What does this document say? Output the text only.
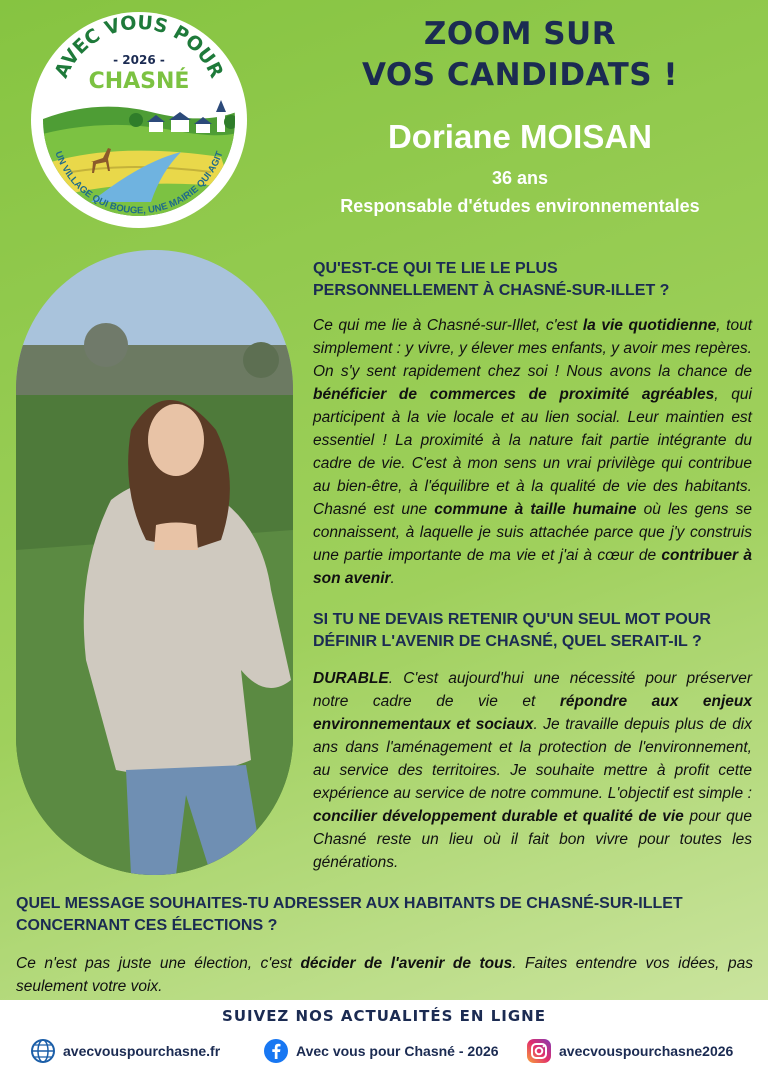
AVEC VOUS POUR
- 2026 -
CHASNÉ
UN VILLAGE QUI BOUGE, UNE MAIRIE QUI AGIT
ZOOM SUR
VOS CANDIDATS !
Doriane MOISAN
36 ans
Responsable d'études environnementales
QU'EST-CE QUI TE LIE LE PLUS
PERSONNELLEMENT À CHASNÉ-SUR-ILLET ?
Ce qui me lie à Chasné-sur-Illet, c'est la vie quotidienne, tout simplement : y vivre, y élever mes enfants, y avoir mes repères. On s'y sent rapidement chez soi ! Nous avons la chance de bénéficier de commerces de proximité agréables, qui participent à la vie locale et au lien social. Leur maintien est essentiel ! La proximité à la nature fait partie intégrante du cadre de vie. C'est à mon sens un vrai privilège qui contribue au bien-être, à l'équilibre et à la qualité de vie des habitants. Chasné est une commune à taille humaine où les gens se connaissent, à laquelle je suis attachée parce que j'y construis une partie importante de ma vie et j'ai à cœur de contribuer à son avenir.
SI TU NE DEVAIS RETENIR QU'UN SEUL MOT POUR
DÉFINIR L'AVENIR DE CHASNÉ, QUEL SERAIT-IL ?
DURABLE. C'est aujourd'hui une nécessité pour préserver notre cadre de vie et répondre aux enjeux environnementaux et sociaux. Je travaille depuis plus de dix ans dans l'aménagement et la protection de l'environnement, au service des territoires. Je souhaite mettre à profit cette expérience au service de notre commune. L'objectif est simple : concilier développement durable et qualité de vie pour que Chasné reste un lieu où il fait bon vivre pour toutes les générations.
QUEL MESSAGE SOUHAITES-TU ADRESSER AUX HABITANTS DE CHASNÉ-SUR-ILLET
CONCERNANT CES ÉLECTIONS ?
Ce n'est pas juste une élection, c'est décider de l'avenir de tous. Faites entendre vos idées, pas seulement votre voix.
SUIVEZ NOS ACTUALITÉS EN LIGNE
avecvouspourchasne.fr	Avec vous pour Chasné - 2026	avecvouspourchasne2026
